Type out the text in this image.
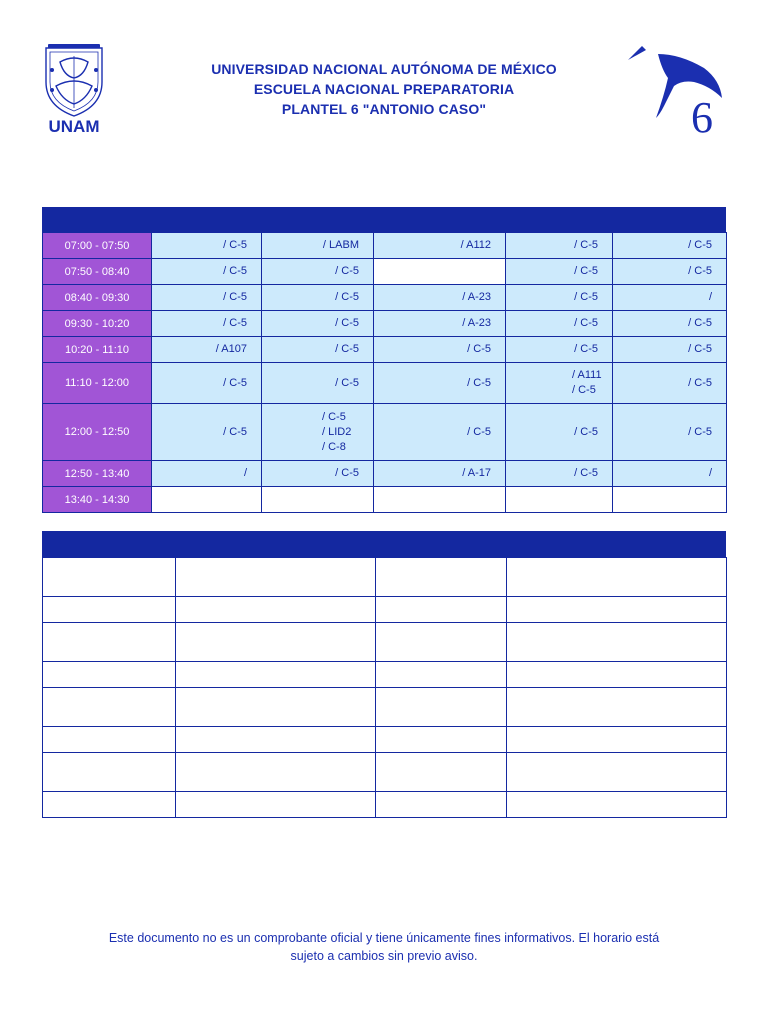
UNAM	6
UNIVERSIDAD NACIONAL AUTÓNOMA DE MÉXICO
ESCUELA NACIONAL PREPARATORIA
PLANTEL 6 "ANTONIO CASO"
07:00 - 07:50	/ C-5	/ LABM	/ A112	/ C-5	/ C-5

07:50 - 08:40	/ C-5	/ C-5		/ C-5	/ C-5

08:40 - 09:30	/ C-5	/ C-5	/ A-23	/ C-5	/

09:30 - 10:20	/ C-5	/ C-5	/ A-23	/ C-5	/ C-5

10:20 - 11:10	/ A107	/ C-5	/ C-5	/ C-5	/ C-5

11:10 - 12:00	/ C-5	/ C-5	/ C-5	/ A111
/ C-5	/ C-5

12:00 - 12:50	/ C-5	/ C-5
/ LID2
/ C-8	/ C-5	/ C-5	/ C-5

12:50 - 13:40	/	/ C-5	/ A-17	/ C-5	/

13:40 - 14:30					

Este documento no es un comprobante oficial y tiene únicamente fines informativos. El horario está
sujeto a cambios sin previo aviso.
